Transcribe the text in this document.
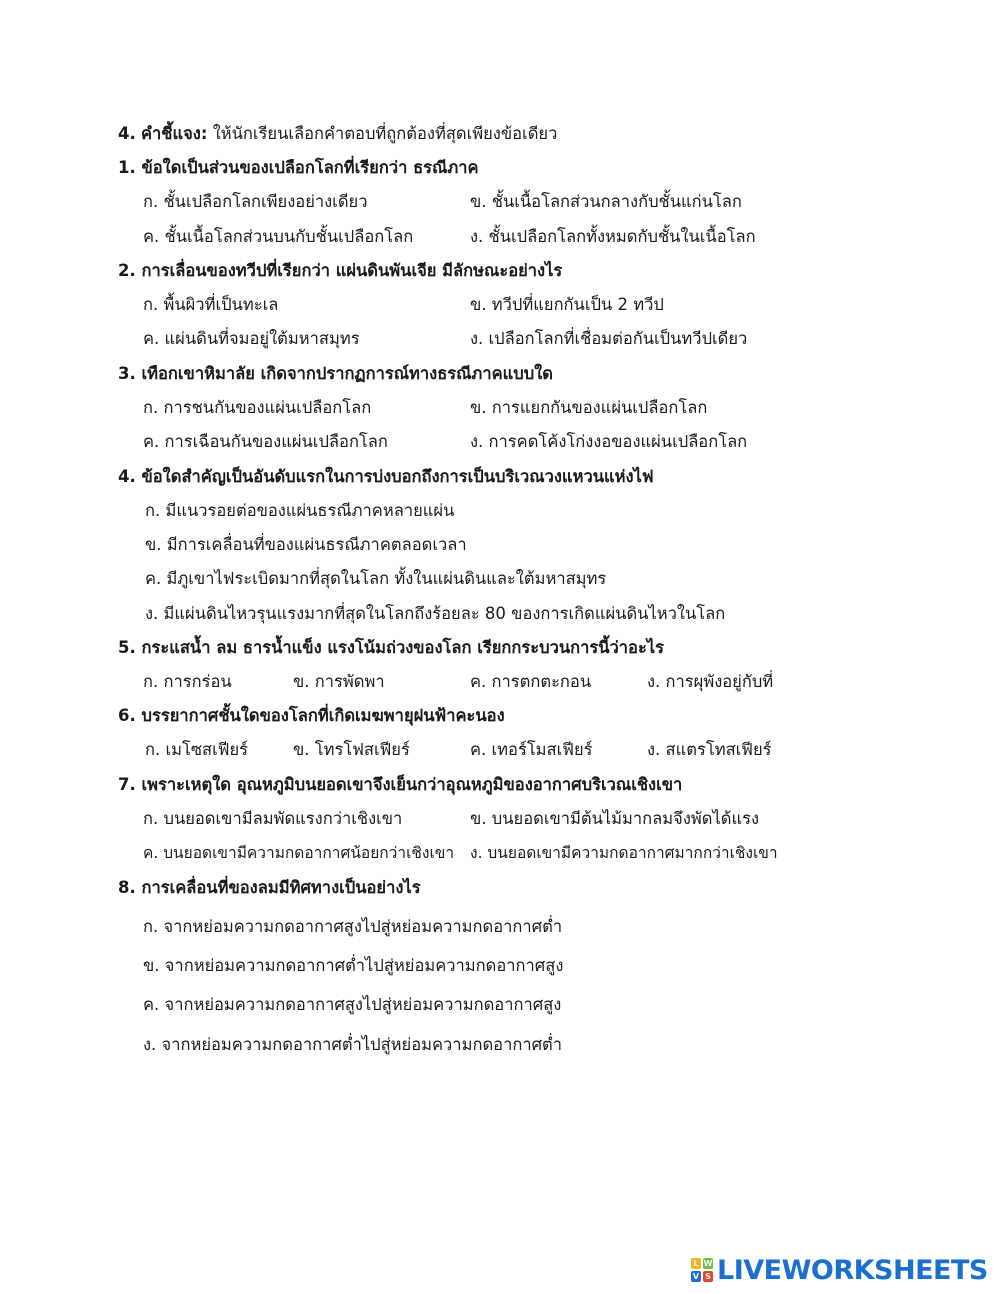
4. คำชี้แจง: ให้นักเรียนเลือกคำตอบที่ถูกต้องที่สุดเพียงข้อเดียว
1. ข้อใดเป็นส่วนของเปลือกโลกที่เรียกว่า ธรณีภาค
ก. ชั้นเปลือกโลกเพียงอย่างเดียว	ข. ชั้นเนื้อโลกส่วนกลางกับชั้นแก่นโลก
ค. ชั้นเนื้อโลกส่วนบนกับชั้นเปลือกโลก	ง. ชั้นเปลือกโลกทั้งหมดกับชั้นในเนื้อโลก
2. การเลื่อนของทวีปที่เรียกว่า แผ่นดินพันเจีย มีลักษณะอย่างไร
ก. พื้นผิวที่เป็นทะเล	ข. ทวีปที่แยกกันเป็น 2 ทวีป
ค. แผ่นดินที่จมอยู่ใต้มหาสมุทร	ง. เปลือกโลกที่เชื่อมต่อกันเป็นทวีปเดียว
3. เทือกเขาหิมาลัย เกิดจากปรากฏการณ์ทางธรณีภาคแบบใด
ก. การชนกันของแผ่นเปลือกโลก	ข. การแยกกันของแผ่นเปลือกโลก
ค. การเฉือนกันของแผ่นเปลือกโลก	ง. การคดโค้งโก่งงอของแผ่นเปลือกโลก
4. ข้อใดสำคัญเป็นอันดับแรกในการบ่งบอกถึงการเป็นบริเวณวงแหวนแห่งไฟ
ก. มีแนวรอยต่อของแผ่นธรณีภาคหลายแผ่น
ข. มีการเคลื่อนที่ของแผ่นธรณีภาคตลอดเวลา
ค. มีภูเขาไฟระเบิดมากที่สุดในโลก ทั้งในแผ่นดินและใต้มหาสมุทร
ง. มีแผ่นดินไหวรุนแรงมากที่สุดในโลกถึงร้อยละ 80 ของการเกิดแผ่นดินไหวในโลก
5. กระแสน้ำ ลม ธารน้ำแข็ง แรงโน้มถ่วงของโลก เรียกกระบวนการนี้ว่าอะไร
ก. การกร่อน	ข. การพัดพา	ค. การตกตะกอน	ง. การผุพังอยู่กับที่
6. บรรยากาศชั้นใดของโลกที่เกิดเมฆพายุฝนฟ้าคะนอง
ก. เมโซสเฟียร์	ข. โทรโฟสเฟียร์	ค. เทอร์โมสเฟียร์	ง. สแตรโทสเฟียร์
7. เพราะเหตุใด อุณหภูมิบนยอดเขาจึงเย็นกว่าอุณหภูมิของอากาศบริเวณเชิงเขา
ก. บนยอดเขามีลมพัดแรงกว่าเชิงเขา	ข. บนยอดเขามีต้นไม้มากลมจึงพัดได้แรง
ค. บนยอดเขามีความกดอากาศน้อยกว่าเชิงเขา ง. บนยอดเขามีความกดอากาศมากกว่าเชิงเขา
8. การเคลื่อนที่ของลมมีทิศทางเป็นอย่างไร
ก. จากหย่อมความกดอากาศสูงไปสู่หย่อมความกดอากาศต่ำ
ข. จากหย่อมความกดอากาศต่ำไปสู่หย่อมความกดอากาศสูง
ค. จากหย่อมความกดอากาศสูงไปสู่หย่อมความกดอากาศสูง
ง. จากหย่อมความกดอากาศต่ำไปสู่หย่อมความกดอากาศต่ำ
L W
V S LIVEWORKSHEETS
